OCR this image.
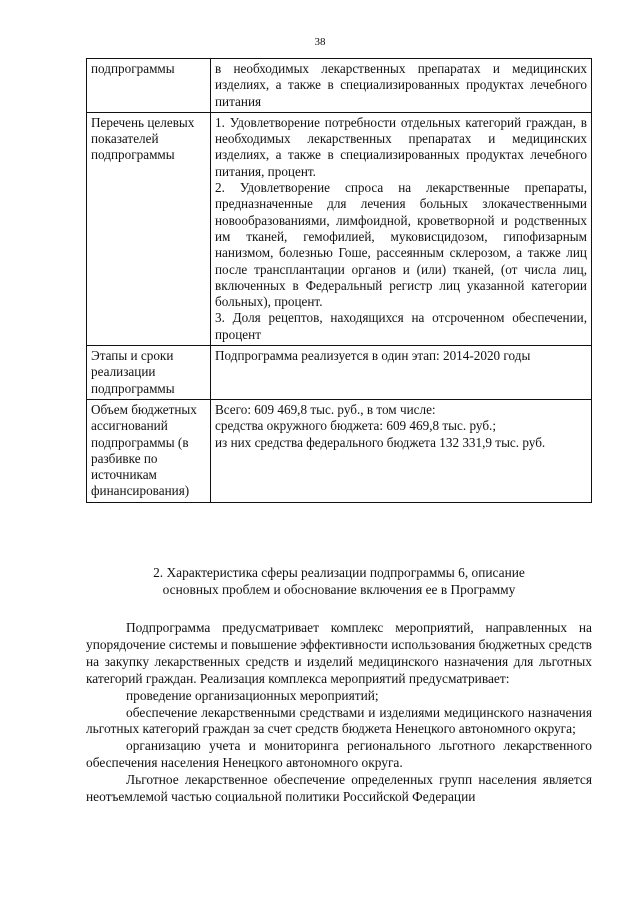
38
подпрограммы	в необходимых лекарственных препаратах и медицинских изделиях, а также в специализированных продуктах лечебного питания

Перечень целевых показателей подпрограммы	1. Удовлетворение потребности отдельных категорий граждан, в необходимых лекарственных препаратах и медицинских изделиях, а также в специализированных продуктах лечебного питания, процент.

2. Удовлетворение спроса на лекарственные препараты, предназначенные для лечения больных злокачественными новообразованиями, лимфоидной, кроветворной и родственных им тканей, гемофилией, муковисцидозом, гипофизарным нанизмом, болезнью Гоше, рассеянным склерозом, а также лиц после трансплантации органов и (или) тканей, (от числа лиц, включенных в Федеральный регистр лиц указанной категории больных), процент.

3. Доля рецептов, находящихся на отсроченном обеспечении, процент

Этапы и сроки реализации подпрограммы	Подпрограмма реализуется в один этап: 2014-2020 годы

Объем бюджетных ассигнований подпрограммы (в разбивке по источникам финансирования)	Всего: 609 469,8 тыс. руб., в том числе:

средства окружного бюджета: 609 469,8 тыс. руб.;

из них средства федерального бюджета 132 331,9 тыс. руб.

2. Характеристика сферы реализации подпрограммы 6, описание
основных проблем и обоснование включения ее в Программу

Подпрограмма предусматривает комплекс мероприятий, направленных на упорядочение системы и повышение эффективности использования бюджетных средств на закупку лекарственных средств и изделий медицинского назначения для льготных категорий граждан. Реализация комплекса мероприятий предусматривает:

проведение организационных мероприятий;

обеспечение лекарственными средствами и изделиями медицинского назначения льготных категорий граждан за счет средств бюджета Ненецкого автономного округа;

организацию учета и мониторинга регионального льготного лекарственного обеспечения населения Ненецкого автономного округа.

Льготное лекарственное обеспечение определенных групп населения является неотъемлемой частью социальной политики Российской Федерации
